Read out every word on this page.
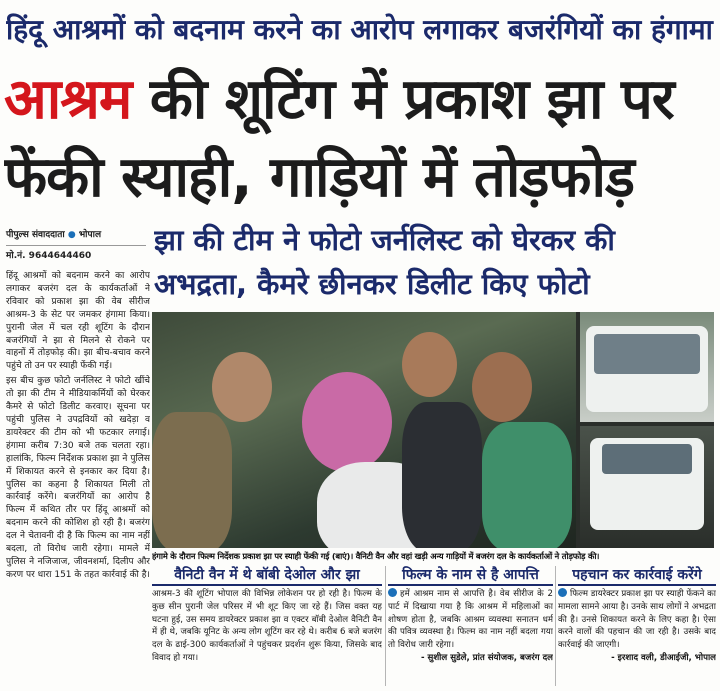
हिंदू आश्रमों को बदनाम करने का आरोप लगाकर बजरंगियों का हंगामा
आश्रम की शूटिंग में प्रकाश झा पर
फेंकी स्याही, गाड़ियों में तोड़फोड़
पीपुल्स संवाददाता ● भोपाल
मो.नं. 9644644460	झा की टीम ने फोटो जर्नलिस्ट को घेरकर की
अभद्रता, कैमरे छीनकर डिलीट किए फोटो

हिंदू आश्रमों को बदनाम करने का आरोप लगाकर बजरंग दल के कार्यकर्ताओं ने रविवार को प्रकाश झा की वेब सीरीज आश्रम-3 के सेट पर जमकर हंगामा किया। पुरानी जेल में चल रही शूटिंग के दौरान बजरंगियों ने झा से मिलने से रोकने पर वाहनों में तोड़फोड़ की। झा बीच-बचाव करने पहुंचे तो उन पर स्याही फेंकी गई।

इस बीच कुछ फोटो जर्नलिस्ट ने फोटो खींचे तो झा की टीम ने मीडियाकर्मियों को घेरकर कैमरे से फोटो डिलीट करवाए। सूचना पर पहुंची पुलिस ने उपद्रवियों को खदेड़ा व डायरेक्टर की टीम को भी फटकार लगाई। हंगामा करीब 7:30 बजे तक चलता रहा। हालांकि, फिल्म निर्देशक प्रकाश झा ने पुलिस में शिकायत करने से इनकार कर दिया है। पुलिस का कहना है शिकायत मिली तो कार्रवाई करेंगे। बजरंगियों का आरोप है फिल्म में कथित तौर पर हिंदू आश्रमों को बदनाम करने की कोशिश हो रही है। बजरंग दल ने चेतावनी दी है कि फिल्म का नाम नहीं बदला, तो विरोध जारी रहेगा। मामले में पुलिस ने नजिजाज, जीवनशर्मा, दिलीप और करण पर धारा 151 के तहत कार्रवाई की है।

हंगामे के दौरान फिल्म निर्देशक प्रकाश झा पर स्याही फेंकी गई (बाएं)। वैनिटी वैन और वहां खड़ी अन्य गाड़ियों में बजरंग दल के कार्यकर्ताओं ने तोड़फोड़ की।
वैनिटी वैन में थे बॉबी देओल और झा
आश्रम-3 की शूटिंग भोपाल की विभिन्न लोकेशन पर हो रही है। फिल्म के कुछ सीन पुरानी जेल परिसर में भी शूट किए जा रहे हैं। जिस वक्त यह घटना हुई, उस समय डायरेक्टर प्रकाश झा व एक्टर बॉबी देओल वैनिटी वैन में ही थे, जबकि यूनिट के अन्य लोग शूटिंग कर रहे थे। करीब 6 बजे बजरंग दल के ढाई-300 कार्यकर्ताओं ने पहुंचकर प्रदर्शन शुरू किया, जिसके बाद विवाद हो गया।
फिल्म के नाम से है आपत्ति
हमें आश्रम नाम से आपत्ति है। वेब सीरीज के 2 पार्ट में दिखाया गया है कि आश्रम में महिलाओं का शोषण होता है, जबकि आश्रम व्यवस्था सनातन धर्म की पवित्र व्यवस्था है। फिल्म का नाम नहीं बदला गया तो विरोध जारी रहेगा।
- सुशील सुडेले, प्रांत संयोजक, बजरंग दल
पहचान कर कार्रवाई करेंगे
फिल्म डायरेक्टर प्रकाश झा पर स्याही फेंकने का मामला सामने आया है। उनके साथ लोगों ने अभद्रता की है। उनसे शिकायत करने के लिए कहा है। ऐसा करने वालों की पहचान की जा रही है। उसके बाद कार्रवाई की जाएगी।
- इरशाद वली, डीआईजी, भोपाल
